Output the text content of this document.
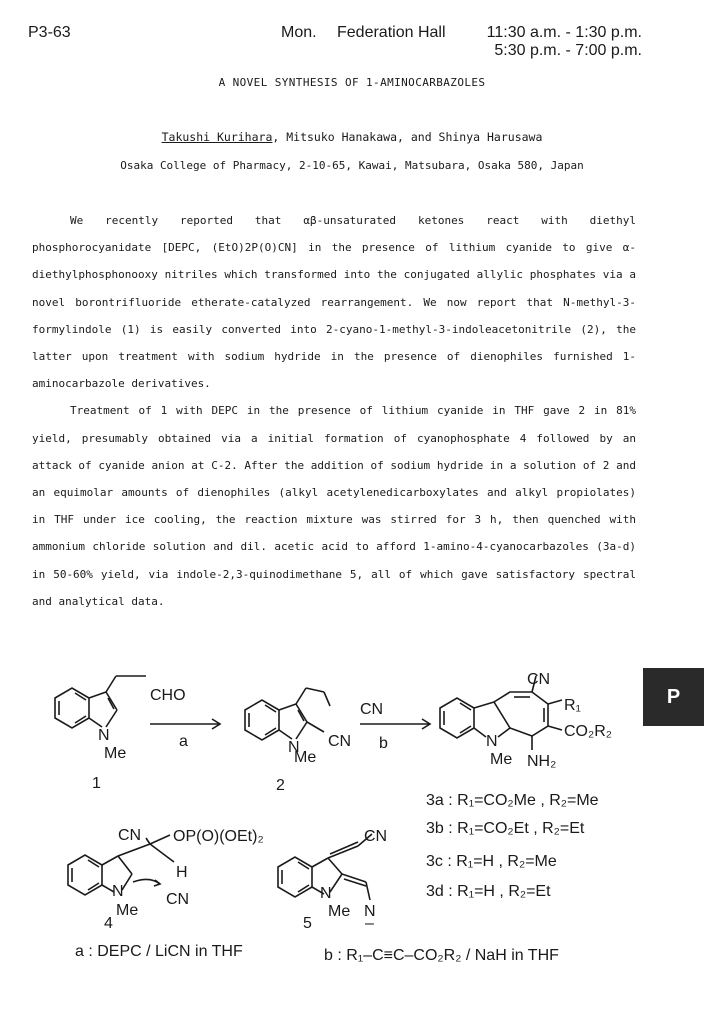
P3-63	Mon. Federation Hall	11:30 a.m. - 1:30 p.m.
5:30 p.m. - 7:00 p.m.
A NOVEL SYNTHESIS OF 1-AMINOCARBAZOLES
Takushi Kurihara, Mitsuko Hanakawa, and Shinya Harusawa
Osaka College of Pharmacy, 2-10-65, Kawai, Matsubara, Osaka 580, Japan

We recently reported that αβ-unsaturated ketones react with diethyl phosphorocyanidate [DEPC, (EtO)2P(O)CN] in the presence of lithium cyanide to give α-diethylphosphonooxy nitriles which transformed into the conjugated allylic phosphates via a novel borontrifluoride etherate-catalyzed rearrangement. We now report that N-methyl-3-formylindole (1) is easily converted into 2-cyano-1-methyl-3-indoleacetonitrile (2), the latter upon treatment with sodium hydride in the presence of dienophiles furnished 1-aminocarbazole derivatives.

Treatment of 1 with DEPC in the presence of lithium cyanide in THF gave 2 in 81% yield, presumably obtained via a initial formation of cyanophosphate 4 followed by an attack of cyanide anion at C-2. After the addition of sodium hydride in a solution of 2 and an equimolar amounts of dienophiles (alkyl acetylenedicarboxylates and alkyl propiolates) in THF under ice cooling, the reaction mixture was stirred for 3 h, then quenched with ammonium chloride solution and dil. acetic acid to afford 1-amino-4-cyanocarbazoles (3a-d) in 50-60% yield, via indole-2,3-quinodimethane 5, all of which gave satisfactory spectral and analytical data.

P
CHO
N
Me
1
a
CN
N CN
Me
2
b
CN
R₁
CO₂R₂
N
Me NH₂
3a : R₁=CO₂Me , R₂=Me
3b : R₁=CO₂Et , R₂=Et
3c : R₁=H , R₂=Me
3d : R₁=H , R₂=Et
CN OP(O)(OEt)₂
H
CN
N
Me
4
CN
N
Me N
–
5
a : DEPC / LiCN in THF	b : R₁–C≡C–CO₂R₂ / NaH in THF
